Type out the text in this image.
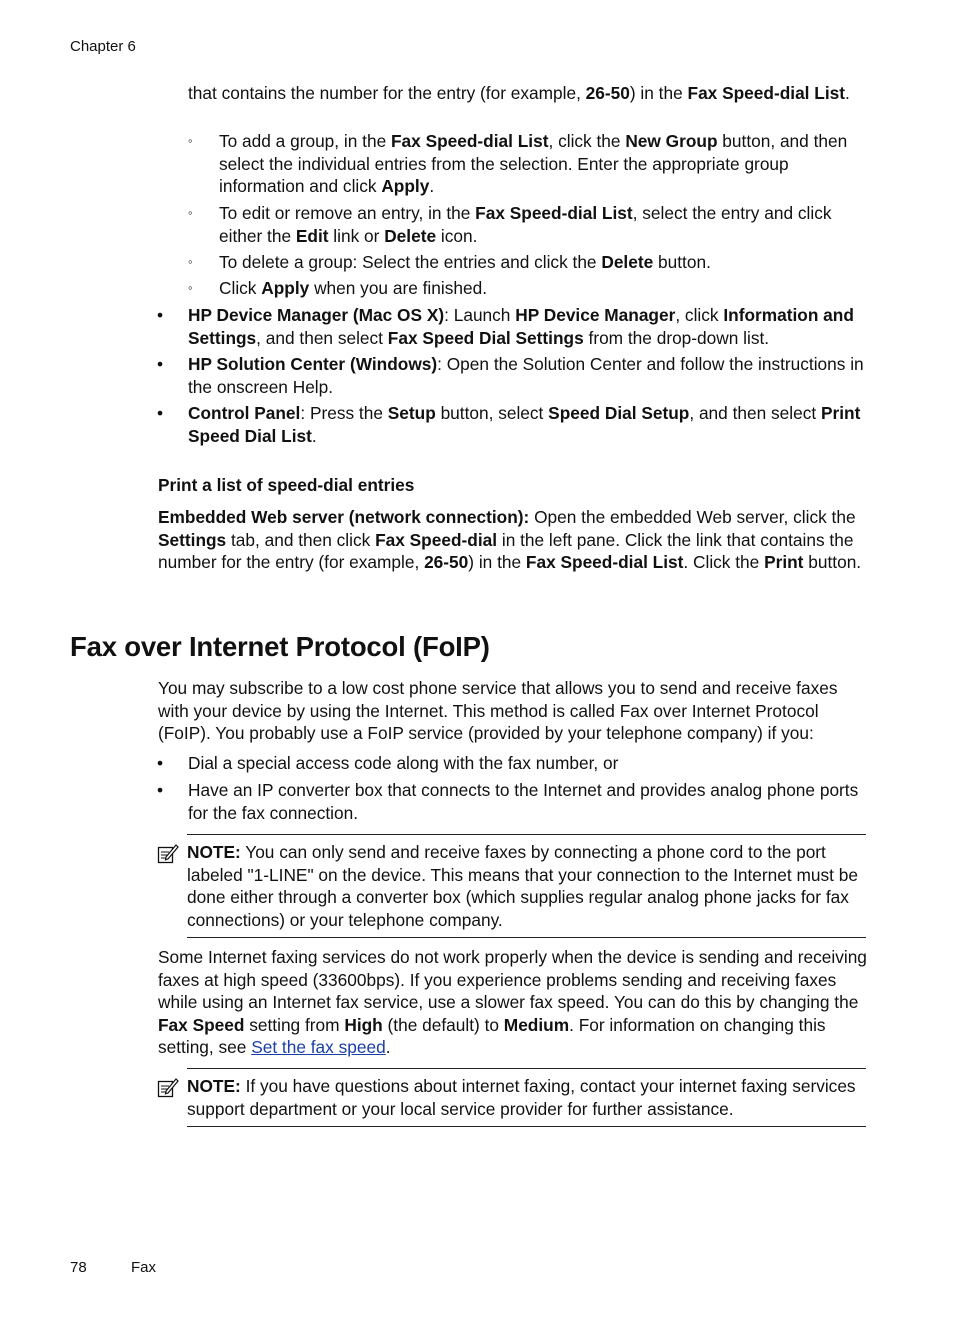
Chapter 6
that contains the number for the entry (for example, 26-50) in the Fax Speed-dial List.
◦ To add a group, in the Fax Speed-dial List, click the New Group button, and then select the individual entries from the selection. Enter the appropriate group information and click Apply.
◦ To edit or remove an entry, in the Fax Speed-dial List, select the entry and click either the Edit link or Delete icon.
◦ To delete a group: Select the entries and click the Delete button.
◦ Click Apply when you are finished.
• HP Device Manager (Mac OS X): Launch HP Device Manager, click Information and Settings, and then select Fax Speed Dial Settings from the drop-down list.
• HP Solution Center (Windows): Open the Solution Center and follow the instructions in the onscreen Help.
• Control Panel: Press the Setup button, select Speed Dial Setup, and then select Print Speed Dial List.
Print a list of speed-dial entries
Embedded Web server (network connection): Open the embedded Web server, click the Settings tab, and then click Fax Speed-dial in the left pane. Click the link that contains the number for the entry (for example, 26-50) in the Fax Speed-dial List. Click the Print button.
Fax over Internet Protocol (FoIP)
You may subscribe to a low cost phone service that allows you to send and receive faxes with your device by using the Internet. This method is called Fax over Internet Protocol (FoIP). You probably use a FoIP service (provided by your telephone company) if you:
• Dial a special access code along with the fax number, or
• Have an IP converter box that connects to the Internet and provides analog phone ports for the fax connection.
NOTE: You can only send and receive faxes by connecting a phone cord to the port labeled "1-LINE" on the device. This means that your connection to the Internet must be done either through a converter box (which supplies regular analog phone jacks for fax connections) or your telephone company.
Some Internet faxing services do not work properly when the device is sending and receiving faxes at high speed (33600bps). If you experience problems sending and receiving faxes while using an Internet fax service, use a slower fax speed. You can do this by changing the Fax Speed setting from High (the default) to Medium. For information on changing this setting, see Set the fax speed.
NOTE: If you have questions about internet faxing, contact your internet faxing services support department or your local service provider for further assistance.
78	Fax
